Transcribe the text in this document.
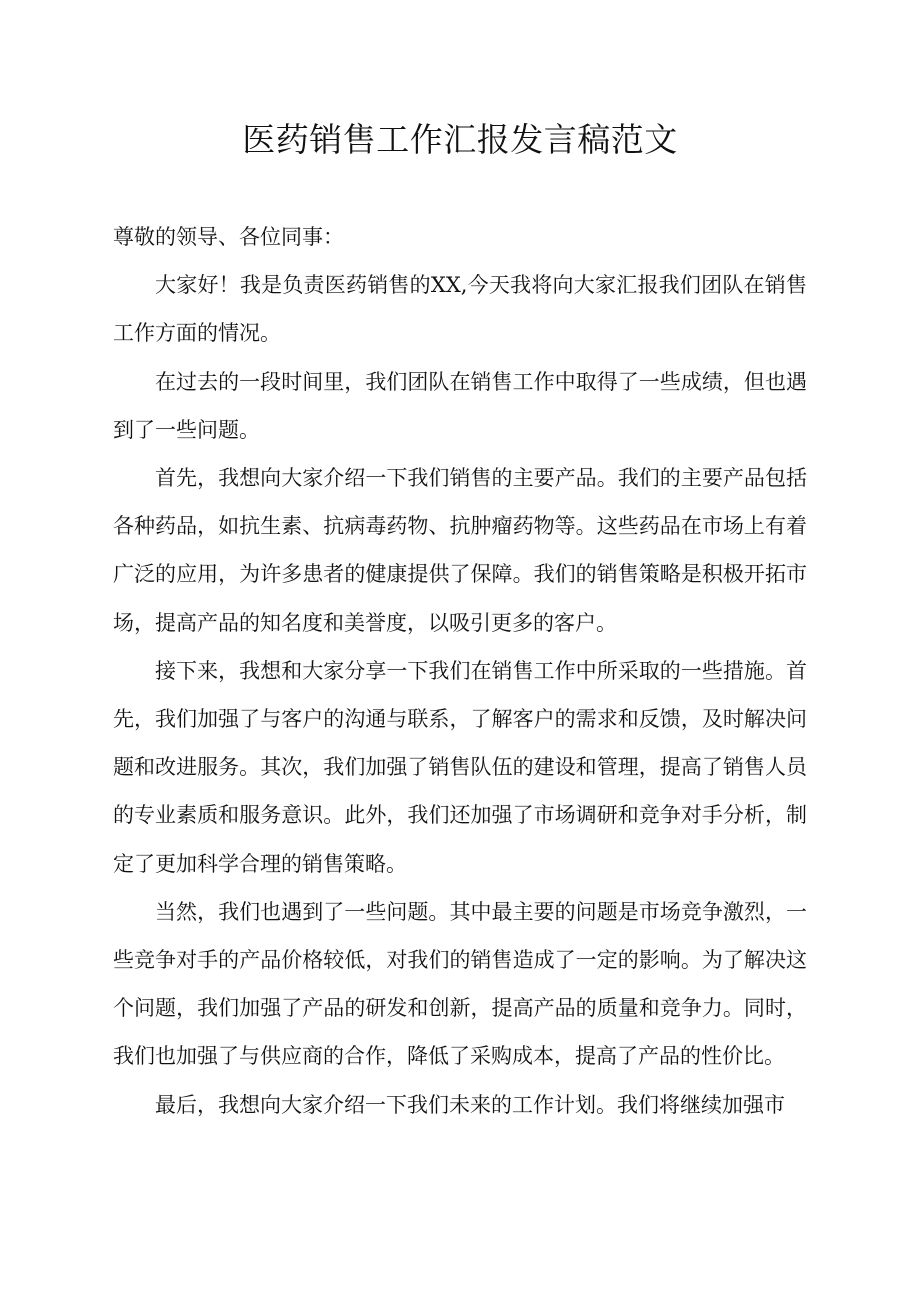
医药销售工作汇报发言稿范文

尊敬的领导、各位同事：

大家好！我是负责医药销售的XX,今天我将向大家汇报我们团队在销售工作方面的情况。

在过去的一段时间里，我们团队在销售工作中取得了一些成绩，但也遇到了一些问题。

首先，我想向大家介绍一下我们销售的主要产品。我们的主要产品包括各种药品，如抗生素、抗病毒药物、抗肿瘤药物等。这些药品在市场上有着广泛的应用，为许多患者的健康提供了保障。我们的销售策略是积极开拓市场，提高产品的知名度和美誉度，以吸引更多的客户。

接下来，我想和大家分享一下我们在销售工作中所采取的一些措施。首先，我们加强了与客户的沟通与联系，了解客户的需求和反馈，及时解决问题和改进服务。其次，我们加强了销售队伍的建设和管理，提高了销售人员的专业素质和服务意识。此外，我们还加强了市场调研和竞争对手分析，制定了更加科学合理的销售策略。

当然，我们也遇到了一些问题。其中最主要的问题是市场竞争激烈，一些竞争对手的产品价格较低，对我们的销售造成了一定的影响。为了解决这个问题，我们加强了产品的研发和创新，提高产品的质量和竞争力。同时，我们也加强了与供应商的合作，降低了采购成本，提高了产品的性价比。

最后，我想向大家介绍一下我们未来的工作计划。我们将继续加强市
